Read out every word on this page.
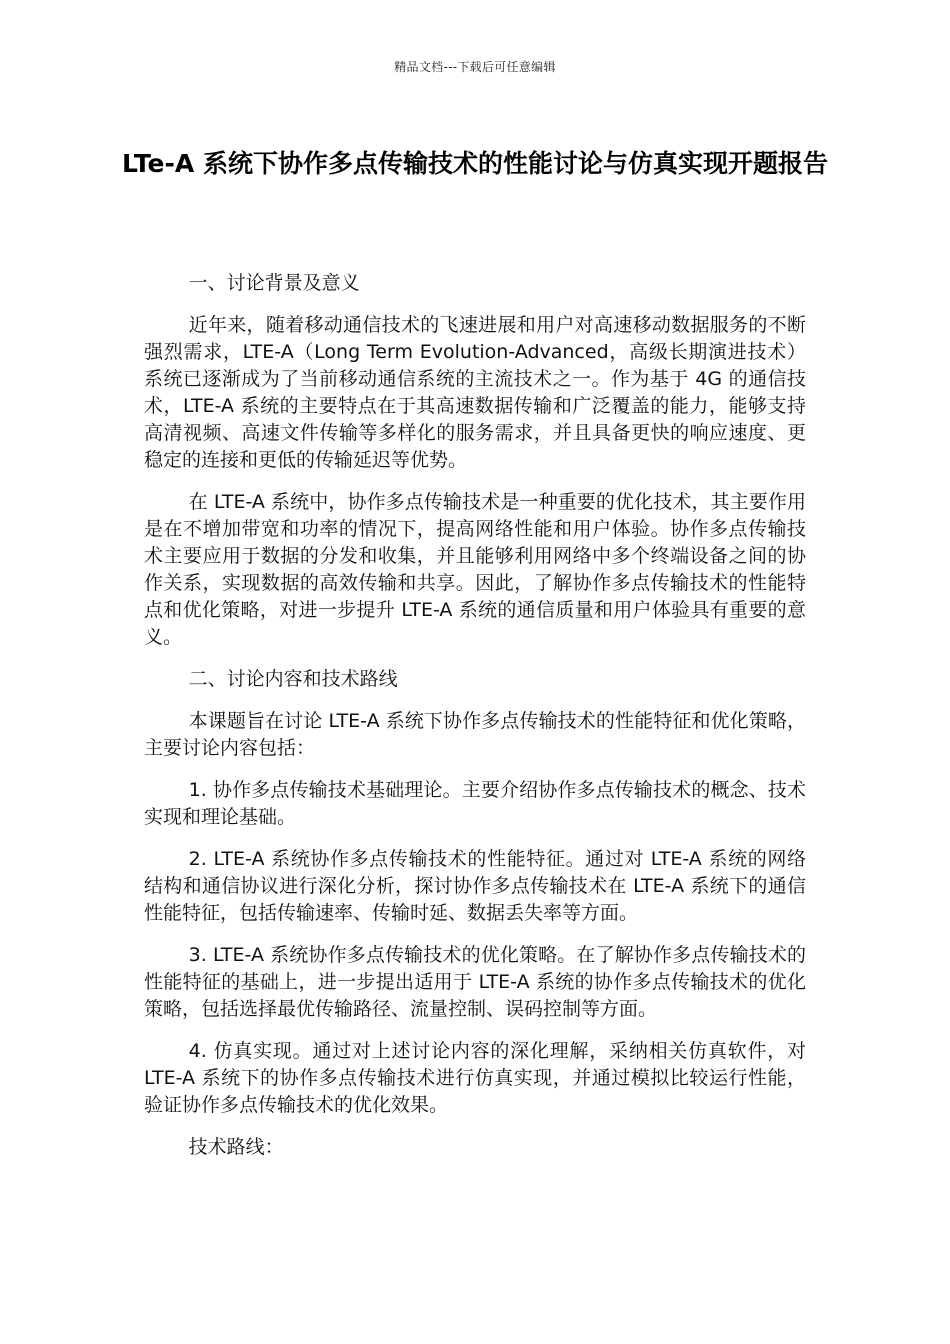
精品文档---下载后可任意编辑
LTe-A 系统下协作多点传输技术的性能讨论与仿真实现开题报告

一、讨论背景及意义

近年来，随着移动通信技术的飞速进展和用户对高速移动数据服务的不断强烈需求，LTE-A（Long Term Evolution-Advanced，高级长期演进技术）系统已逐渐成为了当前移动通信系统的主流技术之一。作为基于 4G 的通信技术，LTE-A 系统的主要特点在于其高速数据传输和广泛覆盖的能力，能够支持高清视频、高速文件传输等多样化的服务需求，并且具备更快的响应速度、更稳定的连接和更低的传输延迟等优势。

在 LTE-A 系统中，协作多点传输技术是一种重要的优化技术，其主要作用是在不增加带宽和功率的情况下，提高网络性能和用户体验。协作多点传输技术主要应用于数据的分发和收集，并且能够利用网络中多个终端设备之间的协作关系，实现数据的高效传输和共享。因此，了解协作多点传输技术的性能特点和优化策略，对进一步提升 LTE-A 系统的通信质量和用户体验具有重要的意义。

二、讨论内容和技术路线

本课题旨在讨论 LTE-A 系统下协作多点传输技术的性能特征和优化策略，主要讨论内容包括：

1. 协作多点传输技术基础理论。主要介绍协作多点传输技术的概念、技术实现和理论基础。

2. LTE-A 系统协作多点传输技术的性能特征。通过对 LTE-A 系统的网络结构和通信协议进行深化分析，探讨协作多点传输技术在 LTE-A 系统下的通信性能特征，包括传输速率、传输时延、数据丢失率等方面。

3. LTE-A 系统协作多点传输技术的优化策略。在了解协作多点传输技术的性能特征的基础上，进一步提出适用于 LTE-A 系统的协作多点传输技术的优化策略，包括选择最优传输路径、流量控制、误码控制等方面。

4. 仿真实现。通过对上述讨论内容的深化理解，采纳相关仿真软件，对 LTE-A 系统下的协作多点传输技术进行仿真实现，并通过模拟比较运行性能，验证协作多点传输技术的优化效果。

技术路线：
